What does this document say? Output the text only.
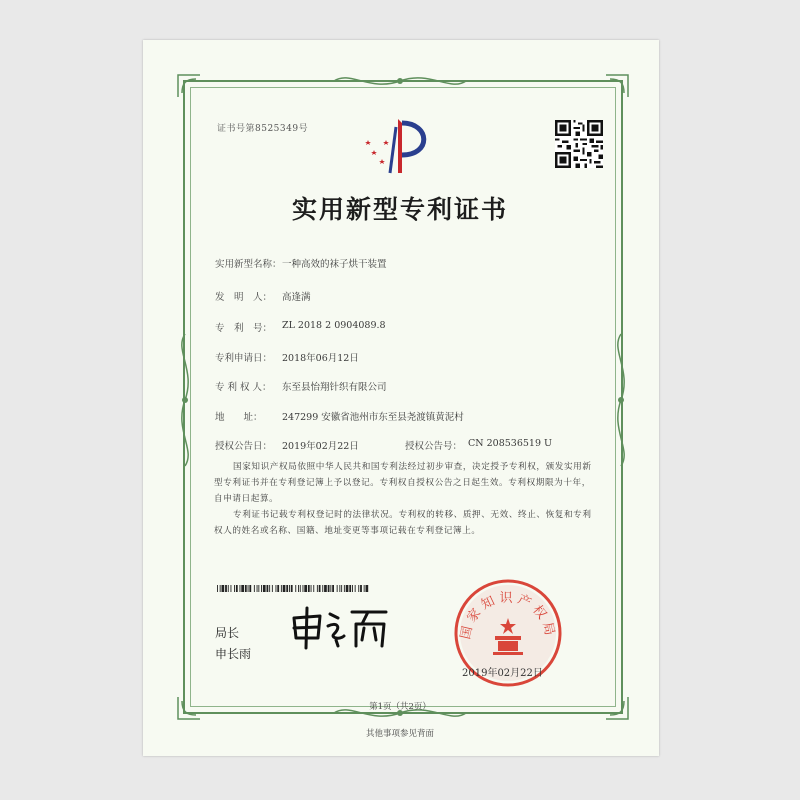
证书号第8525349号
实用新型专利证书
实用新型名称： 一种高效的袜子烘干装置
发　明　人： 高逢满
专　利　号： ZL 2018 2 0904089.8
专利申请日： 2018年06月12日
专 利 权 人： 东至县怡翔针织有限公司
地　　址： 247299 安徽省池州市东至县尧渡镇黄泥村
授权公告日： 2019年02月22日	授权公告号： CN 208536519 U
国家知识产权局依照中华人民共和国专利法经过初步审查，决定授予专利权，颁发实用新型专利证书并在专利登记簿上予以登记。专利权自授权公告之日起生效。专利权期限为十年，自申请日起算。
专利证书记载专利权登记时的法律状况。专利权的转移、质押、无效、终止、恢复和专利权人的姓名或名称、国籍、地址变更等事项记载在专利登记簿上。
局长
申长雨
国家知识产权局
2019年02月22日
第1页（共2页）
其他事项参见背面
